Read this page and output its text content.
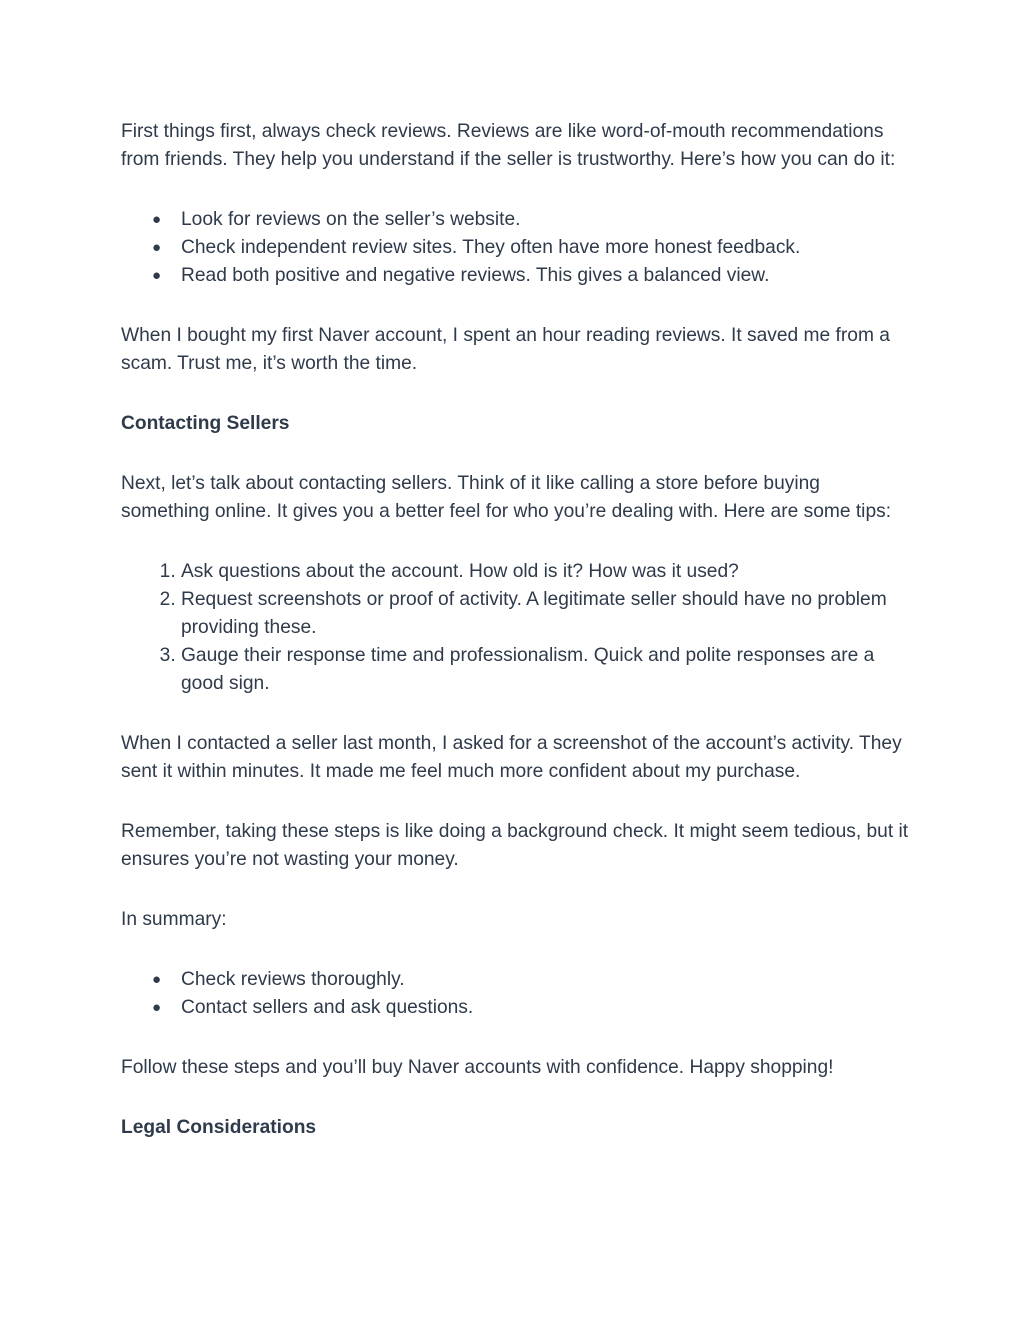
First things first, always check reviews. Reviews are like word-of-mouth recommendations from friends. They help you understand if the seller is trustworthy. Here’s how you can do it:

● Look for reviews on the seller’s website.
● Check independent review sites. They often have more honest feedback.
● Read both positive and negative reviews. This gives a balanced view.

When I bought my first Naver account, I spent an hour reading reviews. It saved me from a scam. Trust me, it’s worth the time.

Contacting Sellers

Next, let’s talk about contacting sellers. Think of it like calling a store before buying something online. It gives you a better feel for who you’re dealing with. Here are some tips:

1. Ask questions about the account. How old is it? How was it used?
2. Request screenshots or proof of activity. A legitimate seller should have no problem providing these.
3. Gauge their response time and professionalism. Quick and polite responses are a good sign.

When I contacted a seller last month, I asked for a screenshot of the account’s activity. They sent it within minutes. It made me feel much more confident about my purchase.

Remember, taking these steps is like doing a background check. It might seem tedious, but it ensures you’re not wasting your money.

In summary:

● Check reviews thoroughly.
● Contact sellers and ask questions.

Follow these steps and you’ll buy Naver accounts with confidence. Happy shopping!

Legal Considerations
